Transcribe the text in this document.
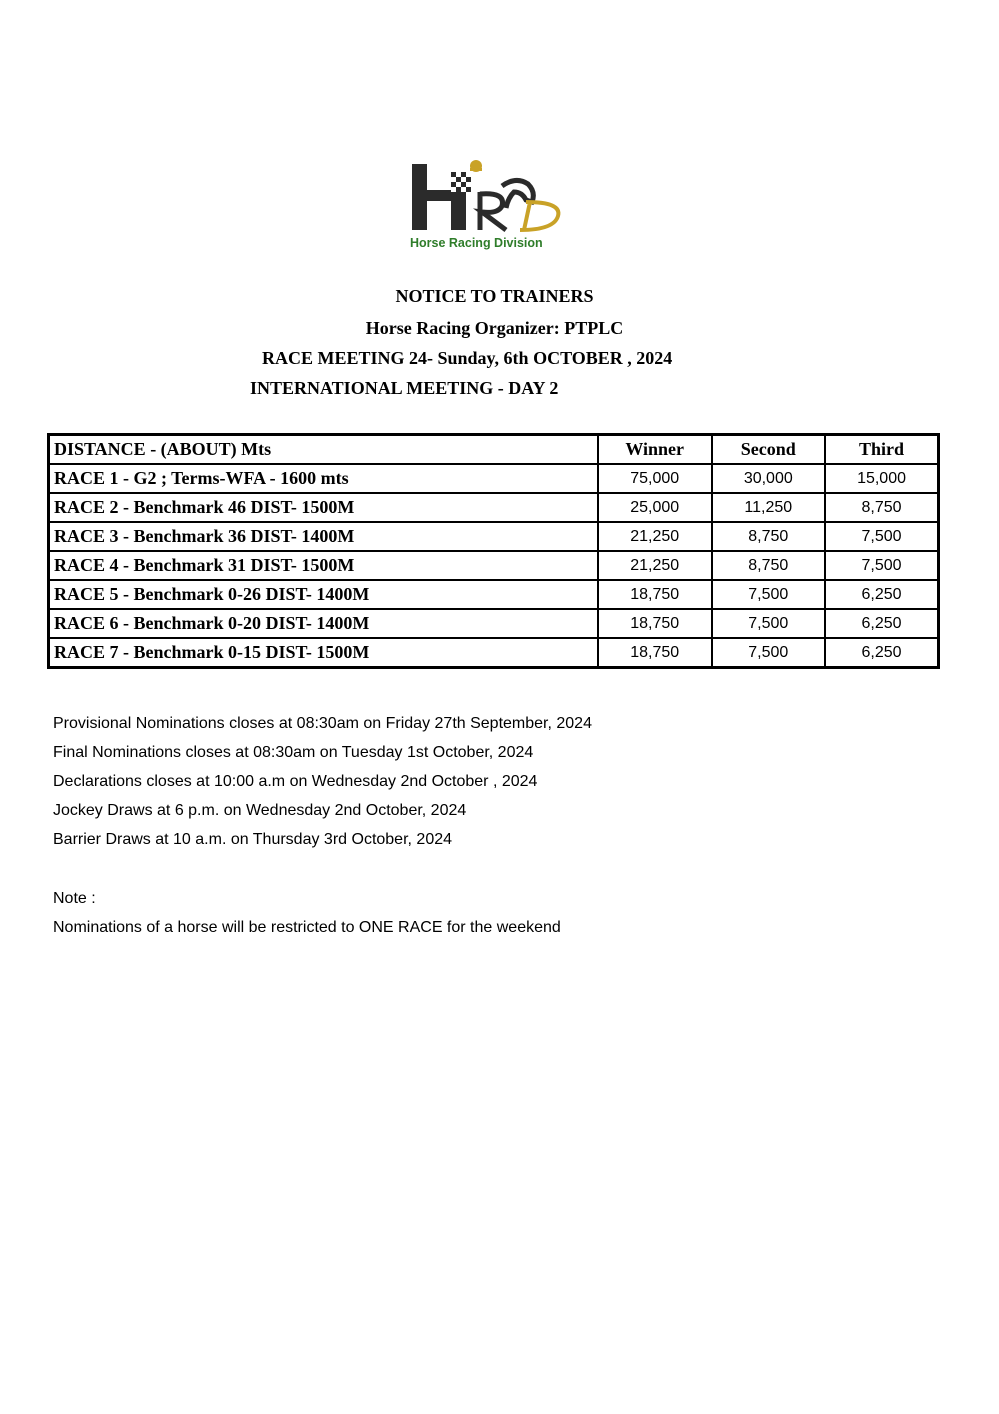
Horse Racing Division
NOTICE TO TRAINERS
Horse Racing Organizer: PTPLC
RACE MEETING 24- Sunday, 6th OCTOBER , 2024
INTERNATIONAL MEETING - DAY 2
DISTANCE - (ABOUT) Mts	Winner	Second	Third
RACE 1 - G2 ; Terms-WFA - 1600 mts	75,000	30,000	15,000
RACE 2 - Benchmark 46 DIST- 1500M	25,000	11,250	8,750
RACE 3 - Benchmark 36 DIST- 1400M	21,250	8,750	7,500
RACE 4 - Benchmark 31 DIST- 1500M	21,250	8,750	7,500
RACE 5 - Benchmark 0-26 DIST- 1400M	18,750	7,500	6,250
RACE 6 - Benchmark 0-20 DIST- 1400M	18,750	7,500	6,250
RACE 7 - Benchmark 0-15 DIST- 1500M	18,750	7,500	6,250
Provisional Nominations closes at 08:30am on Friday 27th September, 2024
Final Nominations closes at 08:30am on Tuesday 1st October, 2024
Declarations closes at 10:00 a.m on Wednesday 2nd October , 2024
Jockey Draws at 6 p.m. on Wednesday 2nd October, 2024
Barrier Draws at 10 a.m. on Thursday 3rd October, 2024
Note :
Nominations of a horse will be restricted to ONE RACE for the weekend
